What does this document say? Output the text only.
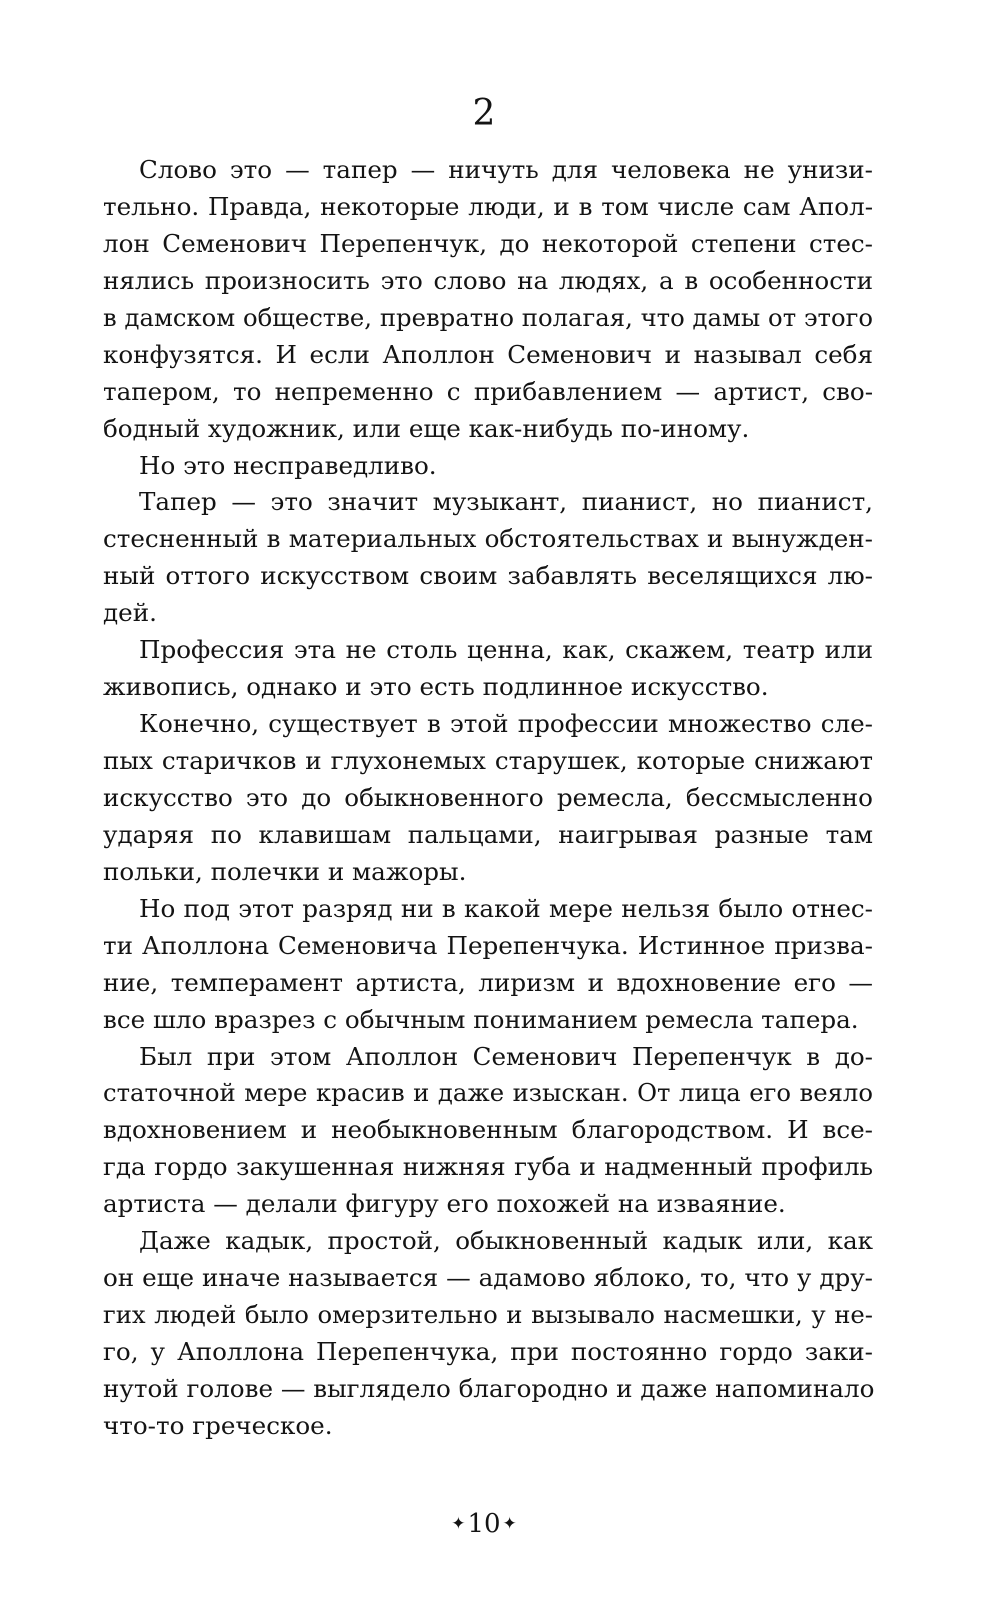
2
Слово это — тапер — ничуть для человека не унизи-
тельно. Правда, некоторые люди, и в том числе сам Апол-
лон Семенович Перепенчук, до некоторой степени стес-
нялись произносить это слово на людях, а в особенности
в дамском обществе, превратно полагая, что дамы от этого
конфузятся. И если Аполлон Семенович и называл себя
тапером, то непременно с прибавлением — артист, сво-
бодный художник, или еще как-нибудь по-иному.
Но это несправедливо.
Тапер — это значит музыкант, пианист, но пианист,
стесненный в материальных обстоятельствах и вынужден-
ный оттого искусством своим забавлять веселящихся лю-
дей.
Профессия эта не столь ценна, как, скажем, театр или
живопись, однако и это есть подлинное искусство.
Конечно, существует в этой профессии множество сле-
пых старичков и глухонемых старушек, которые снижают
искусство это до обыкновенного ремесла, бессмысленно
ударяя по клавишам пальцами, наигрывая разные там
польки, полечки и мажоры.
Но под этот разряд ни в какой мере нельзя было отнес-
ти Аполлона Семеновича Перепенчука. Истинное призва-
ние, темперамент артиста, лиризм и вдохновение его —
все шло вразрез с обычным пониманием ремесла тапера.
Был при этом Аполлон Семенович Перепенчук в до-
статочной мере красив и даже изыскан. От лица его веяло
вдохновением и необыкновенным благородством. И все-
гда гордо закушенная нижняя губа и надменный профиль
артиста — делали фигуру его похожей на изваяние.
Даже кадык, простой, обыкновенный кадык или, как
он еще иначе называется — адамово яблоко, то, что у дру-
гих людей было омерзительно и вызывало насмешки, у не-
го, у Аполлона Перепенчука, при постоянно гордо заки-
нутой голове — выглядело благородно и даже напоминало
что-то греческое.
✦10 ✦
